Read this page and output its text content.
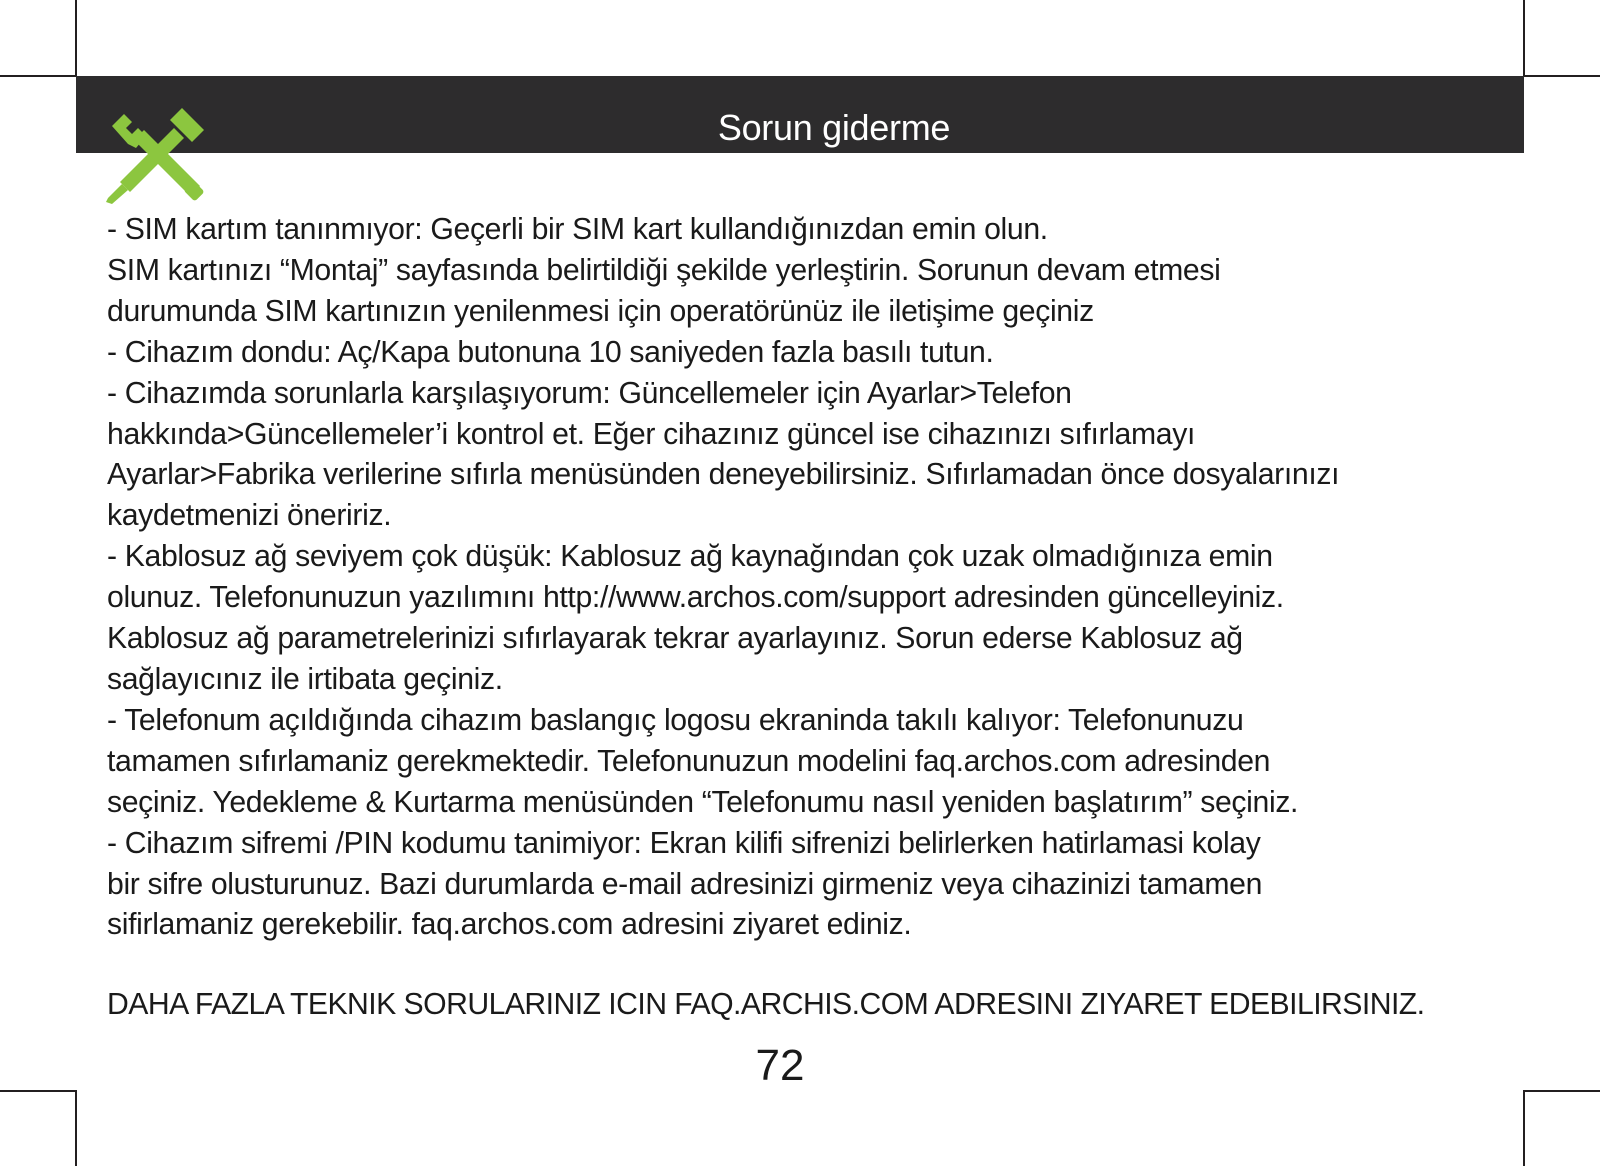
Sorun giderme

- SIM kartım tanınmıyor: Geçerli bir SIM kart kullandığınızdan emin olun.
SIM kartınızı “Montaj” sayfasında belirtildiği şekilde yerleştirin. Sorunun devam etmesi
durumunda SIM kartınızın yenilenmesi için operatörünüz ile iletişime geçiniz

- Cihazım dondu: Aç/Kapa butonuna 10 saniyeden fazla basılı tutun.

- Cihazımda sorunlarla karşılaşıyorum: Güncellemeler için Ayarlar>Telefon
hakkında>Güncellemeler’i kontrol et. Eğer cihazınız güncel ise cihazınızı sıfırlamayı
Ayarlar>Fabrika verilerine sıfırla menüsünden deneyebilirsiniz. Sıfırlamadan önce dosyalarınızı
kaydetmenizi öneririz.

- Kablosuz ağ seviyem çok düşük: Kablosuz ağ kaynağından çok uzak olmadığınıza emin
olunuz. Telefonunuzun yazılımını http://www.archos.com/support adresinden güncelleyiniz.
Kablosuz ağ parametrelerinizi sıfırlayarak tekrar ayarlayınız. Sorun ederse Kablosuz ağ
sağlayıcınız ile irtibata geçiniz.

- Telefonum açıldığında cihazım baslangıç logosu ekraninda takılı kalıyor: Telefonunuzu
tamamen sıfırlamaniz gerekmektedir. Telefonunuzun modelini faq.archos.com adresinden
seçiniz. Yedekleme & Kurtarma menüsünden “Telefonumu nasıl yeniden başlatırım” seçiniz.

- Cihazım sifremi /PIN kodumu tanimiyor: Ekran kilifi sifrenizi belirlerken hatirlamasi kolay
bir sifre olusturunuz. Bazi durumlarda e-mail adresinizi girmeniz veya cihazinizi tamamen
sifirlamaniz gerekebilir. faq.archos.com adresini ziyaret ediniz.

DAHA FAZLA TEKNIK SORULARINIZ ICIN FAQ.ARCHIS.COM ADRESINI ZIYARET EDEBILIRSINIZ.
72
